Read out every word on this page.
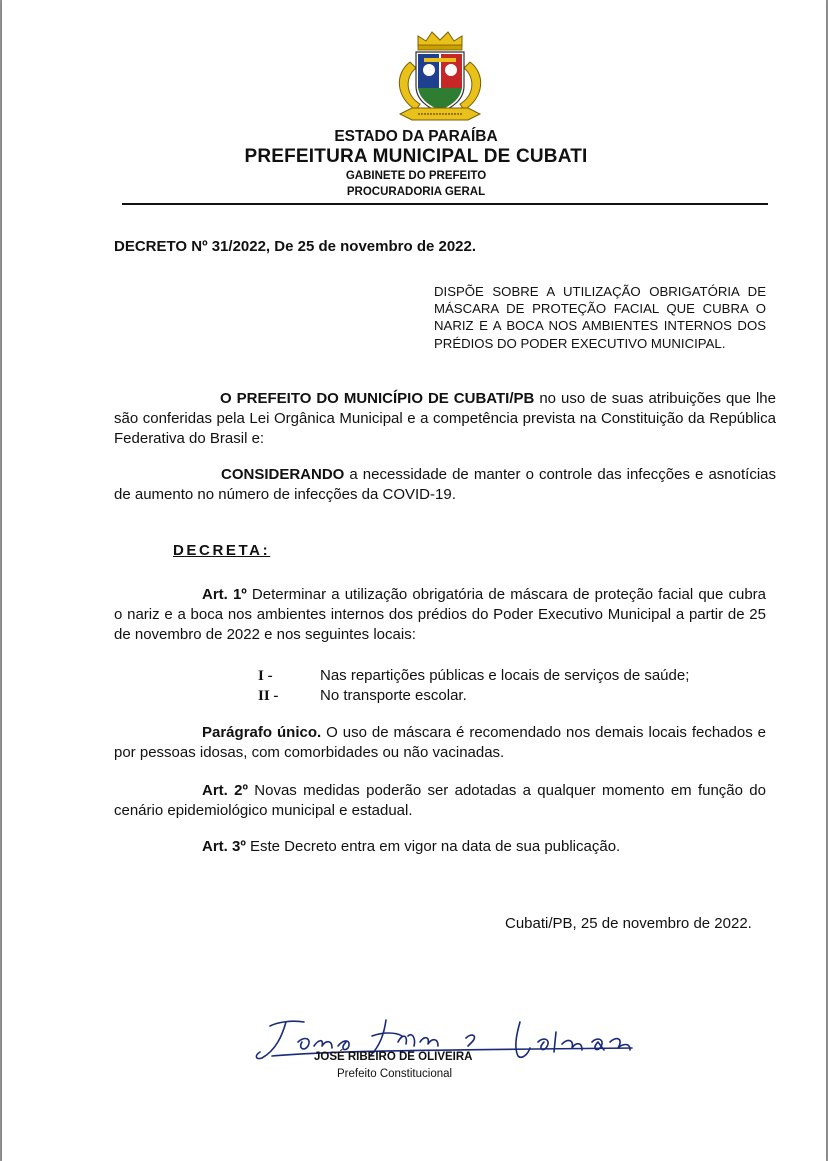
ESTADO DA PARAÍBA
PREFEITURA MUNICIPAL DE CUBATI
GABINETE DO PREFEITO
PROCURADORIA GERAL
DECRETO Nº 31/2022, De 25 de novembro de 2022.
DISPÕE SOBRE A UTILIZAÇÃO OBRIGATÓRIA DE MÁSCARA DE PROTEÇÃO FACIAL QUE CUBRA O NARIZ E A BOCA NOS AMBIENTES INTERNOS DOS PRÉDIOS DO PODER EXECUTIVO MUNICIPAL.
O PREFEITO DO MUNICÍPIO DE CUBATI/PB no uso de suas atribuições que lhe são conferidas pela Lei Orgânica Municipal e a competência prevista na Constituição da República Federativa do Brasil e:
CONSIDERANDO a necessidade de manter o controle das infecções e asnotícias de aumento no número de infecções da COVID-19.
DECRETA:
Art. 1º Determinar a utilização obrigatória de máscara de proteção facial que cubra o nariz e a boca nos ambientes internos dos prédios do Poder Executivo Municipal a partir de 25 de novembro de 2022 e nos seguintes locais:
I -	Nas repartições públicas e locais de serviços de saúde;
II -	No transporte escolar.
Parágrafo único. O uso de máscara é recomendado nos demais locais fechados e por pessoas idosas, com comorbidades ou não vacinadas.
Art. 2º Novas medidas poderão ser adotadas a qualquer momento em função do cenário epidemiológico municipal e estadual.
Art. 3º Este Decreto entra em vigor na data de sua publicação.
Cubati/PB, 25 de novembro de 2022.
JOSÉ RIBEIRO DE OLIVEIRA
Prefeito Constitucional
